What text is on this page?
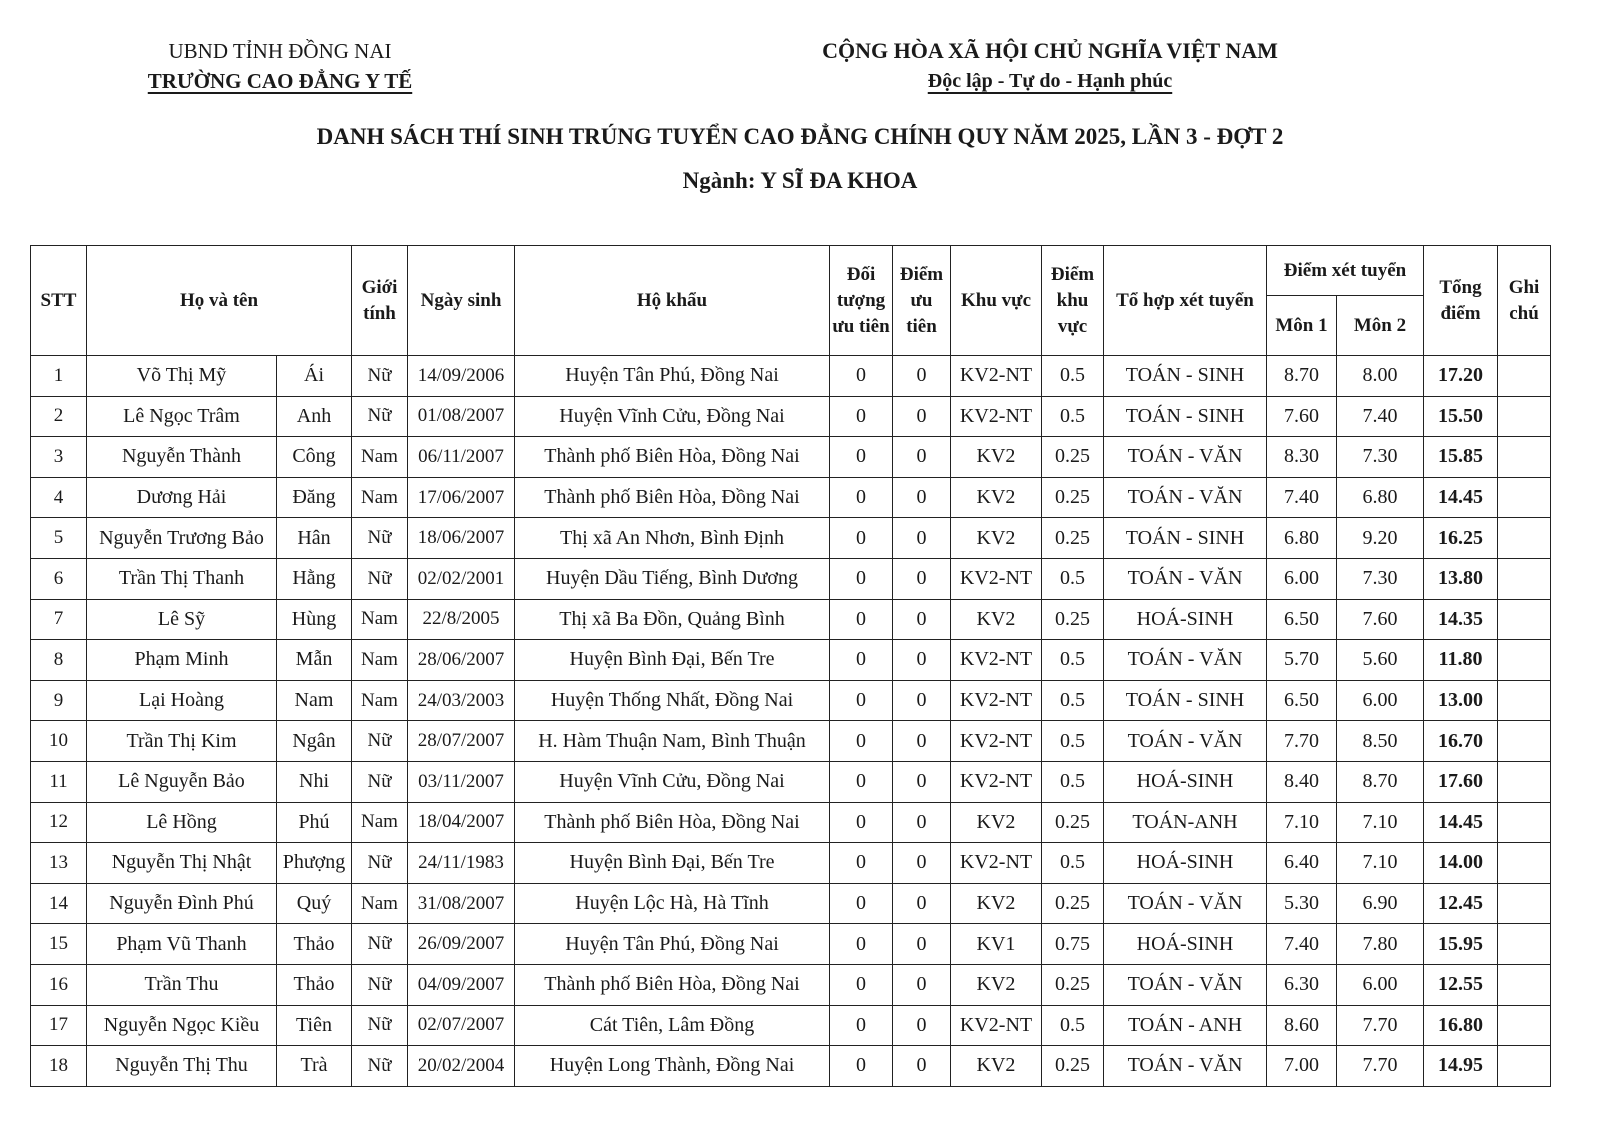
UBND TỈNH ĐỒNG NAI
TRƯỜNG CAO ĐẲNG Y TẾ
CỘNG HÒA XÃ HỘI CHỦ NGHĨA VIỆT NAM
Độc lập - Tự do - Hạnh phúc
DANH SÁCH THÍ SINH TRÚNG TUYỂN CAO ĐẲNG CHÍNH QUY NĂM 2025, LẦN 3 - ĐỢT 2
Ngành: Y SĨ ĐA KHOA
STT	Họ và tên		Giới tính	Ngày sinh	Hộ khẩu	Đối tượng ưu tiên	Điểm ưu tiên	Khu vực	Điểm khu vực	Tổ hợp xét tuyển	Điểm xét tuyển		Tổng điểm	Ghi chú
											Môn 1	Môn 2		
1	Võ Thị Mỹ	Ái	Nữ	14/09/2006	Huyện Tân Phú, Đồng Nai	0	0	KV2-NT	0.5	TOÁN - SINH	8.70	8.00	17.20	
2	Lê Ngọc Trâm	Anh	Nữ	01/08/2007	Huyện Vĩnh Cửu, Đồng Nai	0	0	KV2-NT	0.5	TOÁN - SINH	7.60	7.40	15.50	
3	Nguyễn Thành	Công	Nam	06/11/2007	Thành phố Biên Hòa, Đồng Nai	0	0	KV2	0.25	TOÁN - VĂN	8.30	7.30	15.85	
4	Dương Hải	Đăng	Nam	17/06/2007	Thành phố Biên Hòa, Đồng Nai	0	0	KV2	0.25	TOÁN - VĂN	7.40	6.80	14.45	
5	Nguyễn Trương Bảo	Hân	Nữ	18/06/2007	Thị xã An Nhơn, Bình Định	0	0	KV2	0.25	TOÁN - SINH	6.80	9.20	16.25	
6	Trần Thị Thanh	Hằng	Nữ	02/02/2001	Huyện Dầu Tiếng, Bình Dương	0	0	KV2-NT	0.5	TOÁN - VĂN	6.00	7.30	13.80	
7	Lê Sỹ	Hùng	Nam	22/8/2005	Thị xã Ba Đồn, Quảng Bình	0	0	KV2	0.25	HOÁ-SINH	6.50	7.60	14.35	
8	Phạm Minh	Mẫn	Nam	28/06/2007	Huyện Bình Đại, Bến Tre	0	0	KV2-NT	0.5	TOÁN - VĂN	5.70	5.60	11.80	
9	Lại Hoàng	Nam	Nam	24/03/2003	Huyện Thống Nhất, Đồng Nai	0	0	KV2-NT	0.5	TOÁN - SINH	6.50	6.00	13.00	
10	Trần Thị Kim	Ngân	Nữ	28/07/2007	H. Hàm Thuận Nam, Bình Thuận	0	0	KV2-NT	0.5	TOÁN - VĂN	7.70	8.50	16.70	
11	Lê Nguyễn Bảo	Nhi	Nữ	03/11/2007	Huyện Vĩnh Cửu, Đồng Nai	0	0	KV2-NT	0.5	HOÁ-SINH	8.40	8.70	17.60	
12	Lê Hồng	Phú	Nam	18/04/2007	Thành phố Biên Hòa, Đồng Nai	0	0	KV2	0.25	TOÁN-ANH	7.10	7.10	14.45	
13	Nguyễn Thị Nhật	Phượng	Nữ	24/11/1983	Huyện Bình Đại, Bến Tre	0	0	KV2-NT	0.5	HOÁ-SINH	6.40	7.10	14.00	
14	Nguyễn Đình Phú	Quý	Nam	31/08/2007	Huyện Lộc Hà, Hà Tĩnh	0	0	KV2	0.25	TOÁN - VĂN	5.30	6.90	12.45	
15	Phạm Vũ Thanh	Thảo	Nữ	26/09/2007	Huyện Tân Phú, Đồng Nai	0	0	KV1	0.75	HOÁ-SINH	7.40	7.80	15.95	
16	Trần Thu	Thảo	Nữ	04/09/2007	Thành phố Biên Hòa, Đồng Nai	0	0	KV2	0.25	TOÁN - VĂN	6.30	6.00	12.55	
17	Nguyễn Ngọc Kiều	Tiên	Nữ	02/07/2007	Cát Tiên, Lâm Đồng	0	0	KV2-NT	0.5	TOÁN - ANH	8.60	7.70	16.80	
18	Nguyễn Thị Thu	Trà	Nữ	20/02/2004	Huyện Long Thành, Đồng Nai	0	0	KV2	0.25	TOÁN - VĂN	7.00	7.70	14.95	
